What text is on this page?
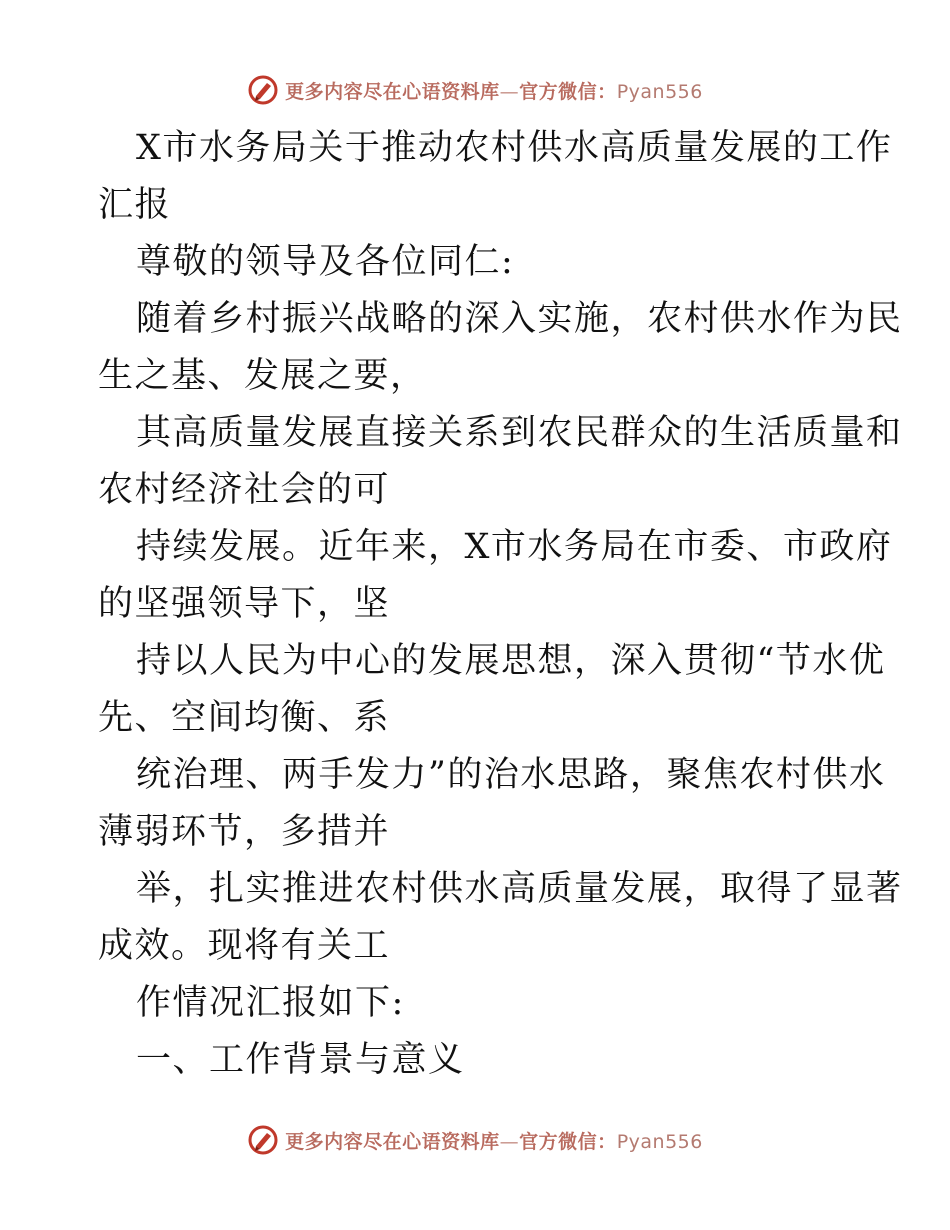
更多内容尽在心语资料库—官方微信：Pyan556
X市水务局关于推动农村供水高质量发展的工作
汇报
尊敬的领导及各位同仁:
随着乡村振兴战略的深入实施，农村供水作为民
生之基、发展之要，
其高质量发展直接关系到农民群众的生活质量和
农村经济社会的可
持续发展。近年来，X市水务局在市委、市政府
的坚强领导下，坚
持以人民为中心的发展思想，深入贯彻“节水优
先、空间均衡、系
统治理、两手发力”的治水思路，聚焦农村供水
薄弱环节，多措并
举，扎实推进农村供水高质量发展，取得了显著
成效。现将有关工
作情况汇报如下:
一、工作背景与意义
更多内容尽在心语资料库—官方微信：Pyan556
